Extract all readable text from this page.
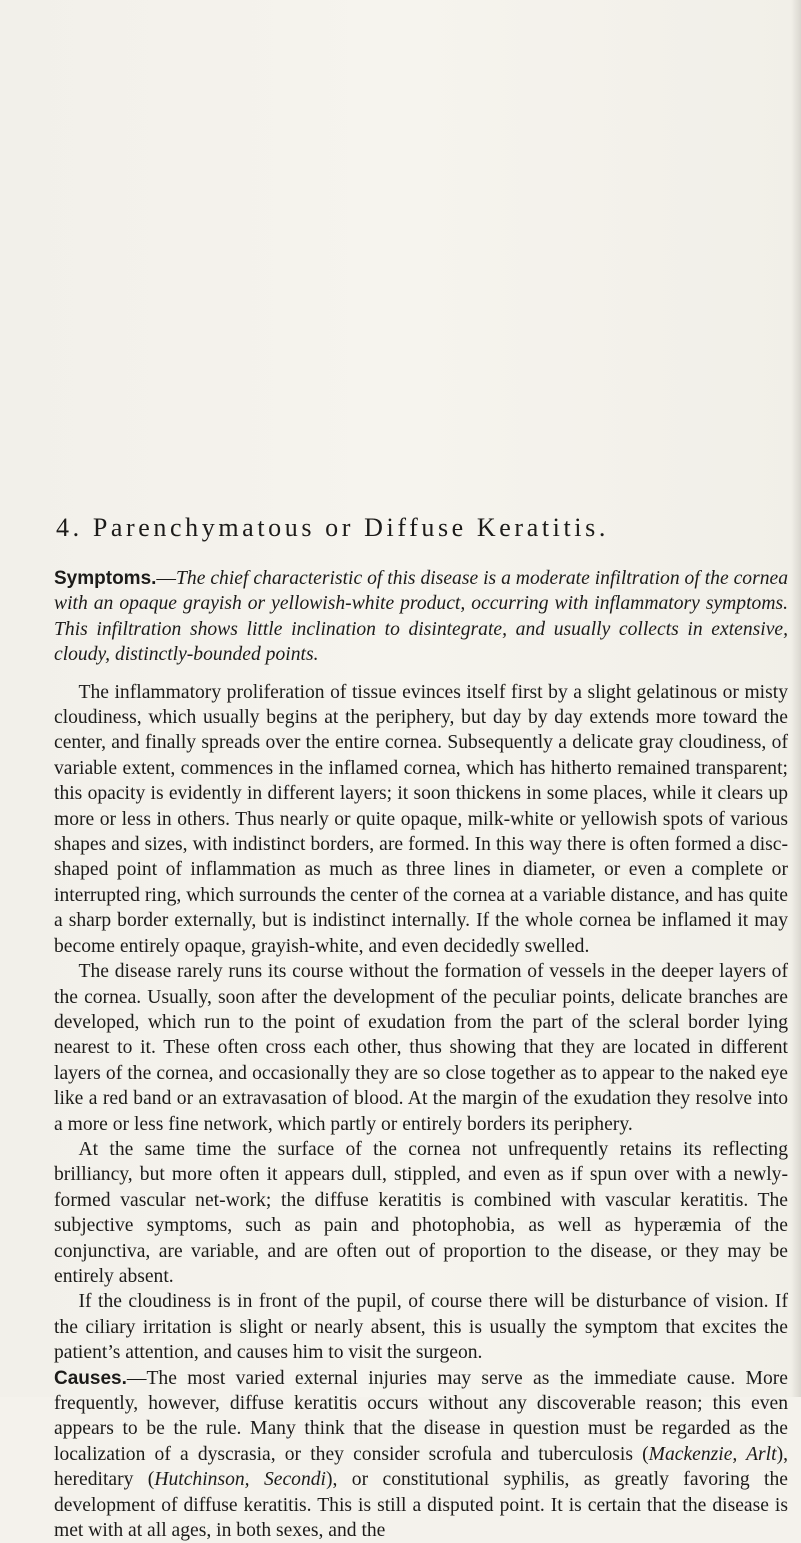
4. Parenchymatous or Diffuse Keratitis.

Symptoms.—The chief characteristic of this disease is a moderate infiltration of the cornea with an opaque grayish or yellowish-white product, occurring with inflammatory symptoms. This infiltration shows little inclination to disintegrate, and usually collects in extensive, cloudy, distinctly-bounded points.

The inflammatory proliferation of tissue evinces itself first by a slight gelatinous or misty cloudiness, which usually begins at the periphery, but day by day extends more toward the center, and finally spreads over the entire cornea. Subsequently a delicate gray cloudiness, of variable extent, commences in the inflamed cornea, which has hitherto remained transparent; this opacity is evidently in different layers; it soon thickens in some places, while it clears up more or less in others. Thus nearly or quite opaque, milk-white or yellowish spots of various shapes and sizes, with indistinct borders, are formed. In this way there is often formed a disc-shaped point of inflammation as much as three lines in diameter, or even a complete or interrupted ring, which surrounds the center of the cornea at a variable distance, and has quite a sharp border externally, but is indistinct internally. If the whole cornea be inflamed it may become entirely opaque, grayish-white, and even decidedly swelled.

The disease rarely runs its course without the formation of vessels in the deeper layers of the cornea. Usually, soon after the development of the peculiar points, delicate branches are developed, which run to the point of exudation from the part of the scleral border lying nearest to it. These often cross each other, thus showing that they are located in different layers of the cornea, and occasionally they are so close together as to appear to the naked eye like a red band or an extravasation of blood. At the margin of the exudation they resolve into a more or less fine network, which partly or entirely borders its periphery.

At the same time the surface of the cornea not unfrequently retains its reflecting brilliancy, but more often it appears dull, stippled, and even as if spun over with a newly-formed vascular net-work; the diffuse keratitis is combined with vascular keratitis. The subjective symptoms, such as pain and photophobia, as well as hyperæmia of the conjunctiva, are variable, and are often out of proportion to the disease, or they may be entirely absent.

If the cloudiness is in front of the pupil, of course there will be disturbance of vision. If the ciliary irritation is slight or nearly absent, this is usually the symptom that excites the patient’s attention, and causes him to visit the surgeon.

Causes.—The most varied external injuries may serve as the immediate cause. More frequently, however, diffuse keratitis occurs without any discoverable reason; this even appears to be the rule. Many think that the disease in question must be regarded as the localization of a dyscrasia, or they consider scrofula and tuberculosis (Mackenzie, Arlt), hereditary (Hutchinson, Secondi), or constitutional syphilis, as greatly favoring the development of diffuse keratitis. This is still a disputed point. It is certain that the disease is met with at all ages, in both sexes, and the
